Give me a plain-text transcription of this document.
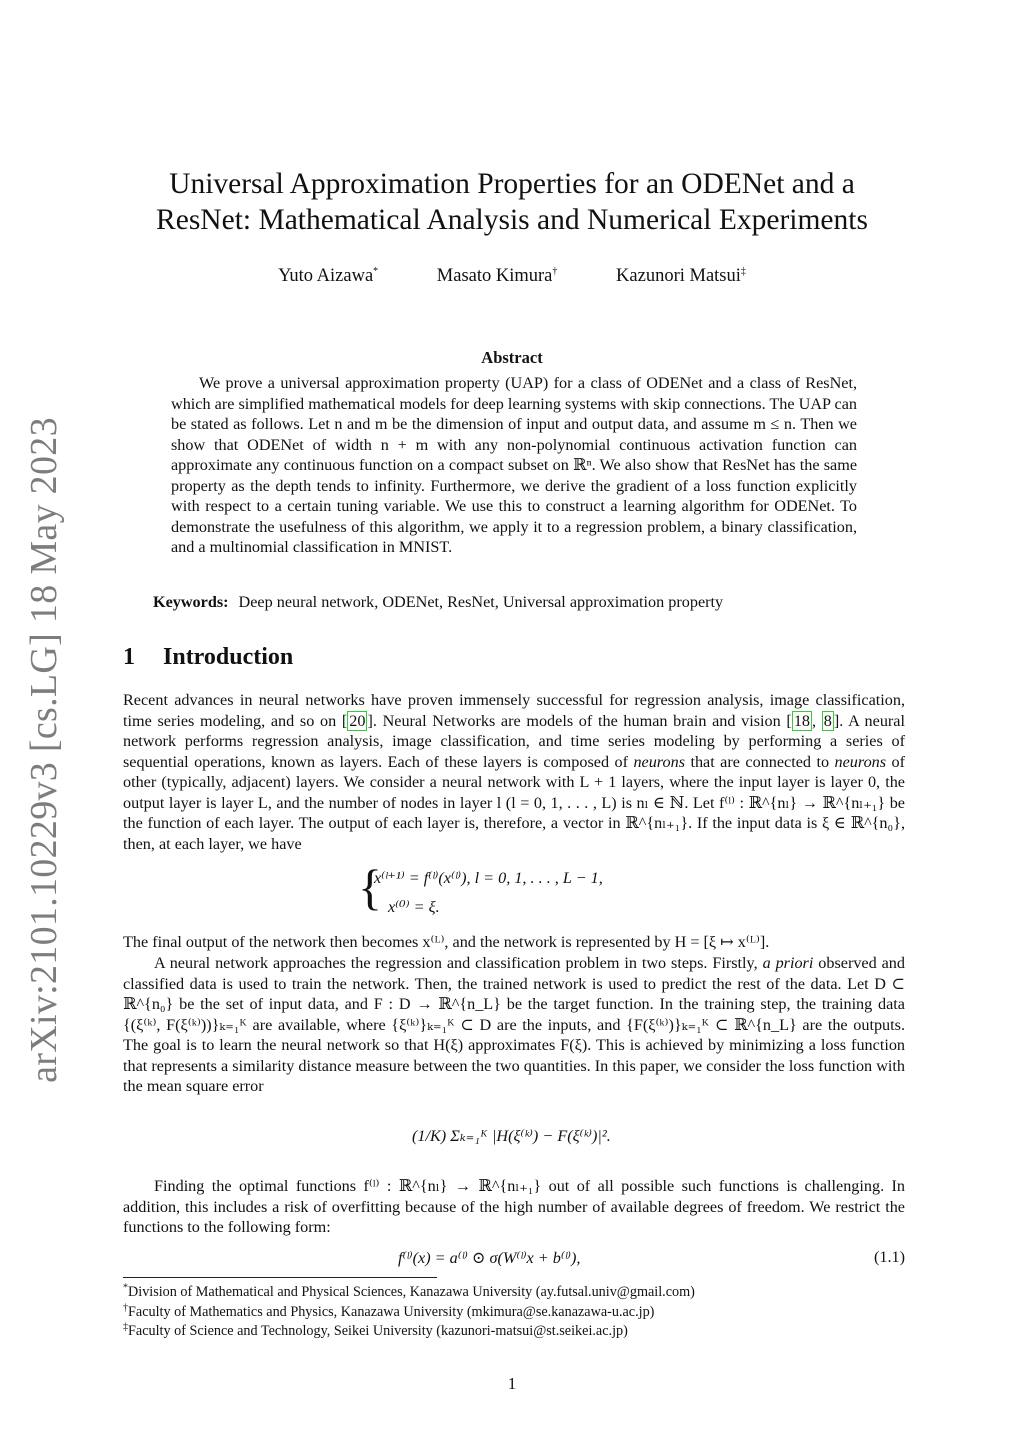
arXiv:2101.10229v3 [cs.LG] 18 May 2023
Universal Approximation Properties for an ODENet and a
ResNet: Mathematical Analysis and Numerical Experiments
Yuto Aizawa*	Masato Kimura†	Kazunori Matsui‡
Abstract

We prove a universal approximation property (UAP) for a class of ODENet and a class of ResNet, which are simplified mathematical models for deep learning systems with skip connections. The UAP can be stated as follows. Let n and m be the dimension of input and output data, and assume m ≤ n. Then we show that ODENet of width n + m with any non-polynomial continuous activation function can approximate any continuous function on a compact subset on ℝⁿ. We also show that ResNet has the same property as the depth tends to infinity. Furthermore, we derive the gradient of a loss function explicitly with respect to a certain tuning variable. We use this to construct a learning algorithm for ODENet. To demonstrate the usefulness of this algorithm, we apply it to a regression problem, a binary classification, and a multinomial classification in MNIST.

Keywords: Deep neural network, ODENet, ResNet, Universal approximation property
1 Introduction

Recent advances in neural networks have proven immensely successful for regression analysis, image classification, time series modeling, and so on [ 20 ]. Neural Networks are models of the human brain and vision [ 18 , 8 ]. A neural network performs regression analysis, image classification, and time series modeling by performing a series of sequential operations, known as layers. Each of these layers is composed of neurons that are connected to neurons of other (typically, adjacent) layers. We consider a neural network with L + 1 layers, where the input layer is layer 0, the output layer is layer L, and the number of nodes in layer l (l = 0, 1, . . . , L) is nₗ ∈ ℕ. Let f⁽ˡ⁾ : ℝ^{nₗ} → ℝ^{nₗ₊₁} be the function of each layer. The output of each layer is, therefore, a vector in ℝ^{nₗ₊₁}. If the input data is ξ ∈ ℝ^{n₀}, then, at each layer, we have

{
x⁽ˡ⁺¹⁾ = f⁽ˡ⁾(x⁽ˡ⁾), l = 0, 1, . . . , L − 1,
x⁽⁰⁾ = ξ.

The final output of the network then becomes x⁽ᴸ⁾, and the network is represented by H = [ξ ↦ x⁽ᴸ⁾].

A neural network approaches the regression and classification problem in two steps. Firstly, a priori observed and classified data is used to train the network. Then, the trained network is used to predict the rest of the data. Let D ⊂ ℝ^{n₀} be the set of input data, and F : D → ℝ^{n_L} be the target function. In the training step, the training data {(ξ⁽ᵏ⁾, F(ξ⁽ᵏ⁾))}ₖ₌₁ᴷ are available, where {ξ⁽ᵏ⁾}ₖ₌₁ᴷ ⊂ D are the inputs, and {F(ξ⁽ᵏ⁾)}ₖ₌₁ᴷ ⊂ ℝ^{n_L} are the outputs. The goal is to learn the neural network so that H(ξ) approximates F(ξ). This is achieved by minimizing a loss function that represents a similarity distance measure between the two quantities. In this paper, we consider the loss function with the mean square error

(1/K) Σₖ₌₁ᴷ |H(ξ⁽ᵏ⁾) − F(ξ⁽ᵏ⁾)|².

Finding the optimal functions f⁽ˡ⁾ : ℝ^{nₗ} → ℝ^{nₗ₊₁} out of all possible such functions is challenging. In addition, this includes a risk of overfitting because of the high number of available degrees of freedom. We restrict the functions to the following form:

f⁽ˡ⁾(x) = a⁽ˡ⁾ ⊙ σ(W⁽ˡ⁾x + b⁽ˡ⁾),	(1.1)
*Division of Mathematical and Physical Sciences, Kanazawa University (ay.futsal.univ@gmail.com)
†Faculty of Mathematics and Physics, Kanazawa University (mkimura@se.kanazawa-u.ac.jp)
‡Faculty of Science and Technology, Seikei University (kazunori-matsui@st.seikei.ac.jp)
1
